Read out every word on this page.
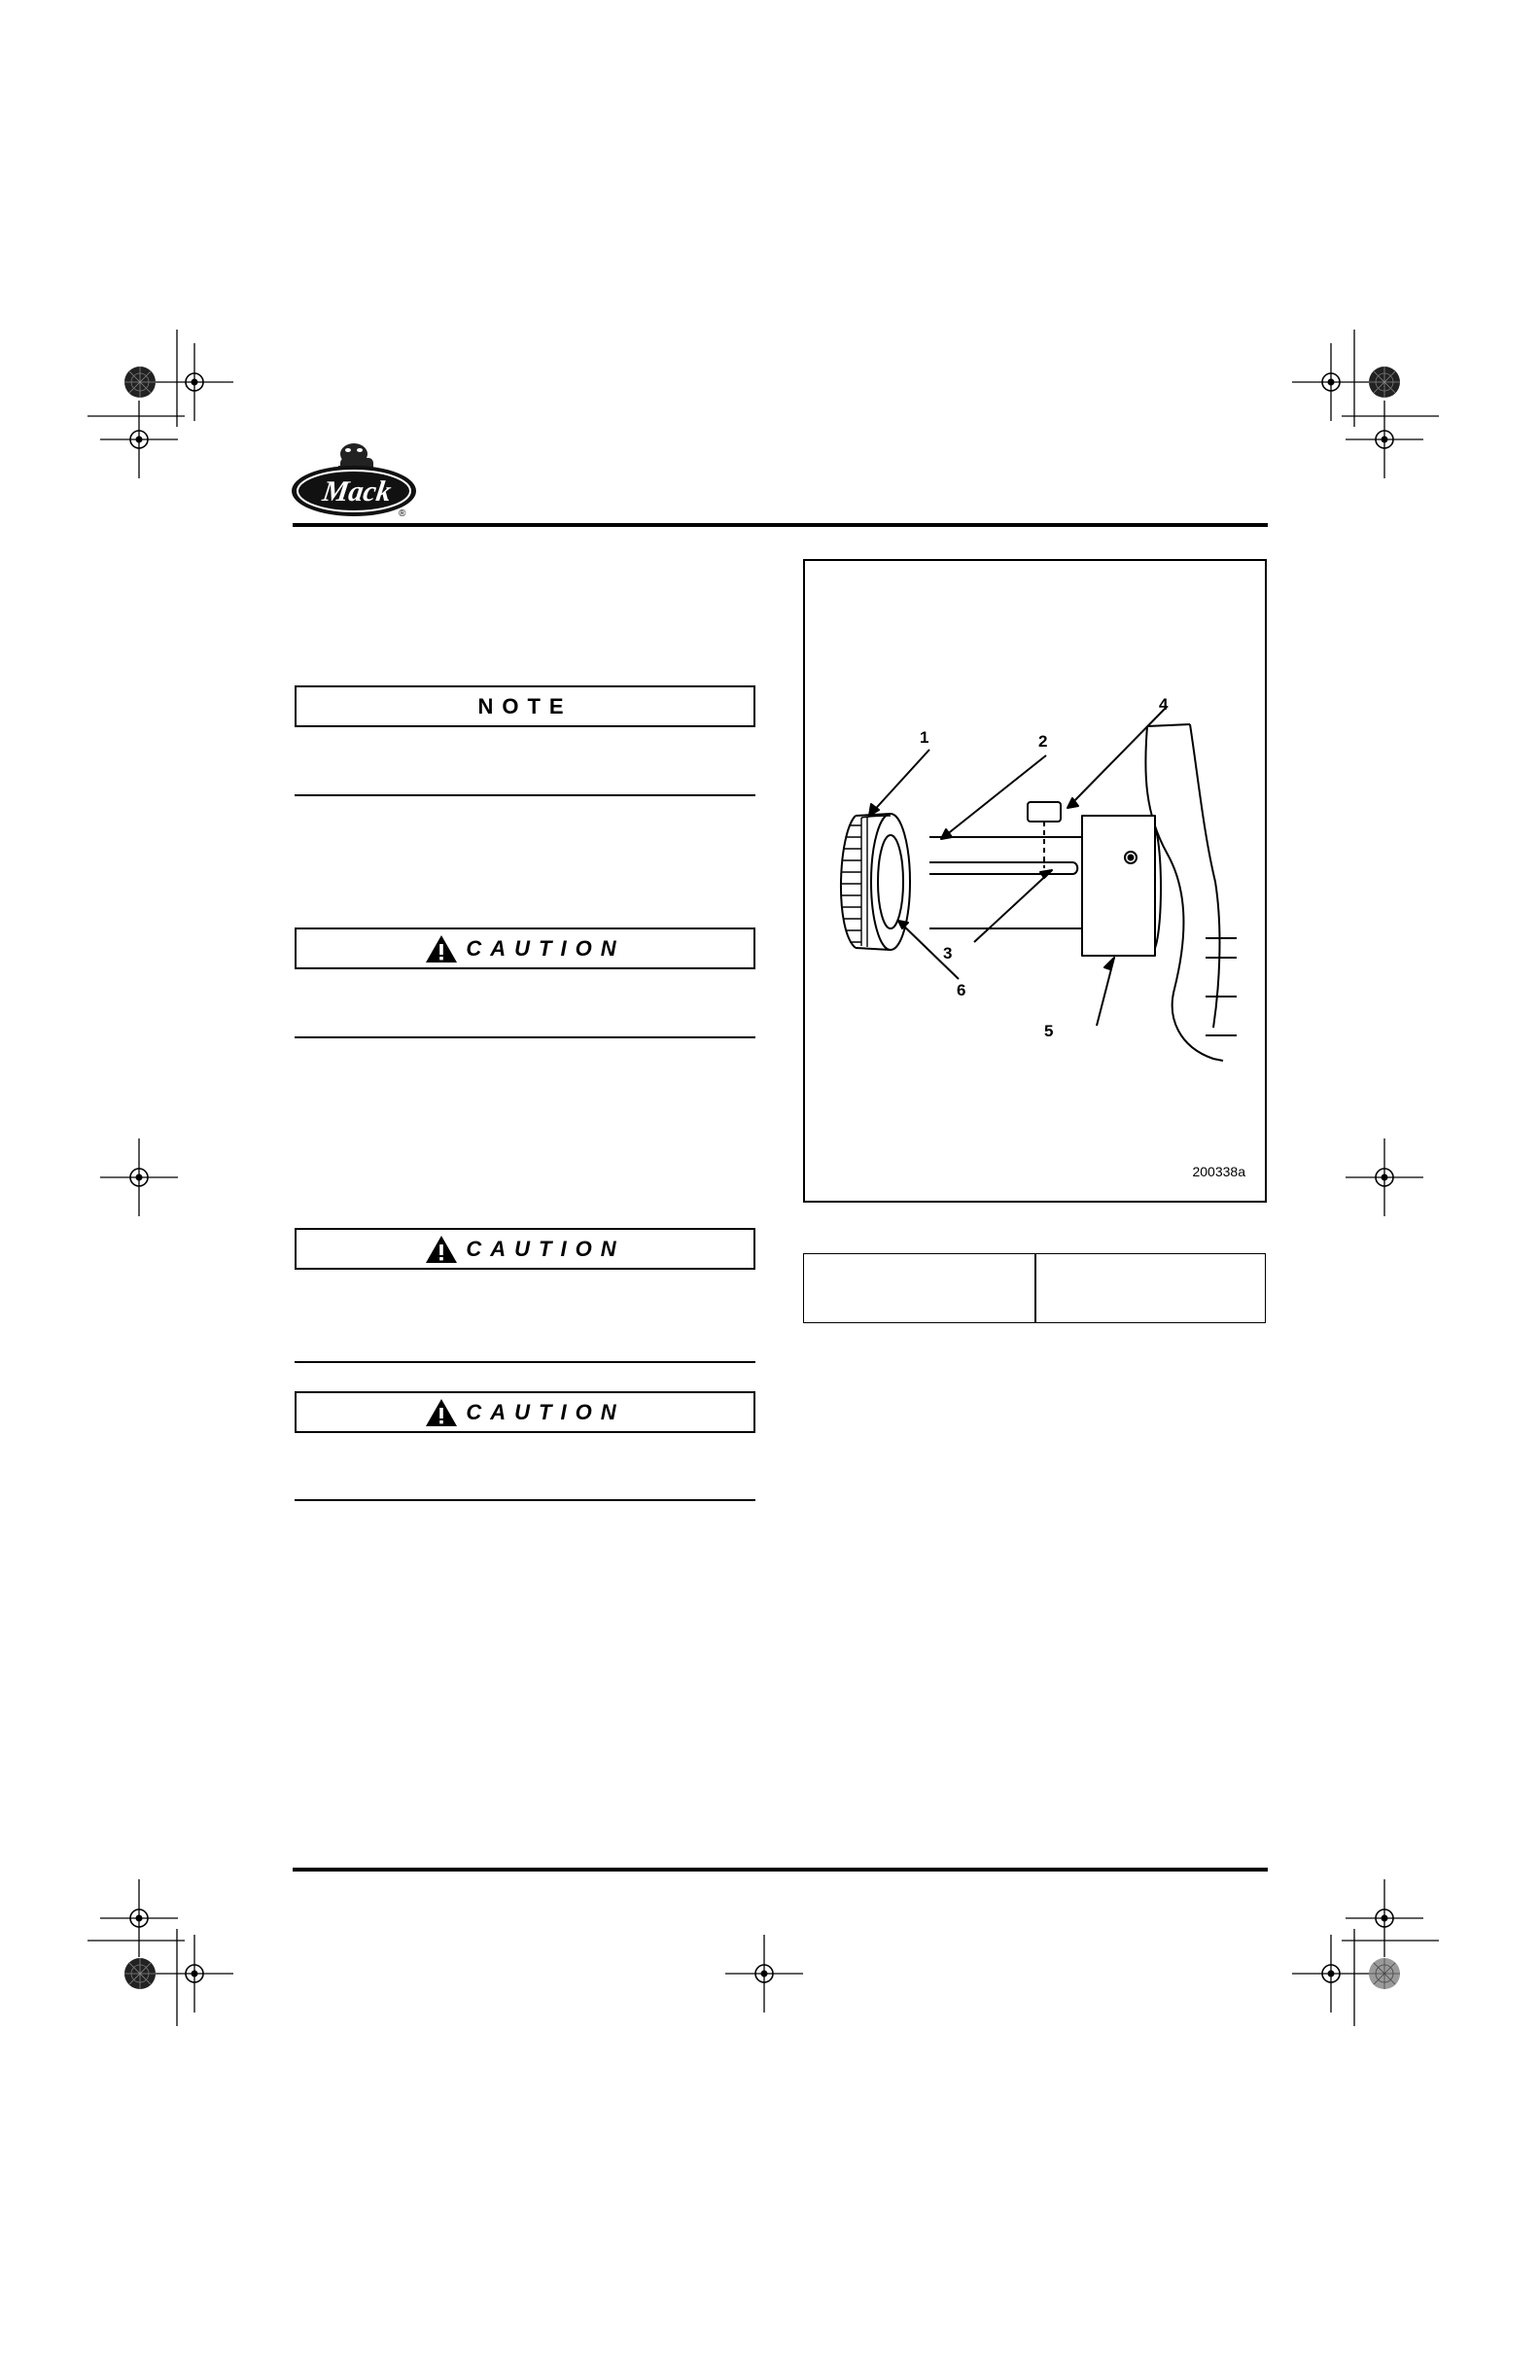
Mack
®
NOTE
CAUTION
CAUTION
CAUTION
1	2
4
3
6
5
200338a
